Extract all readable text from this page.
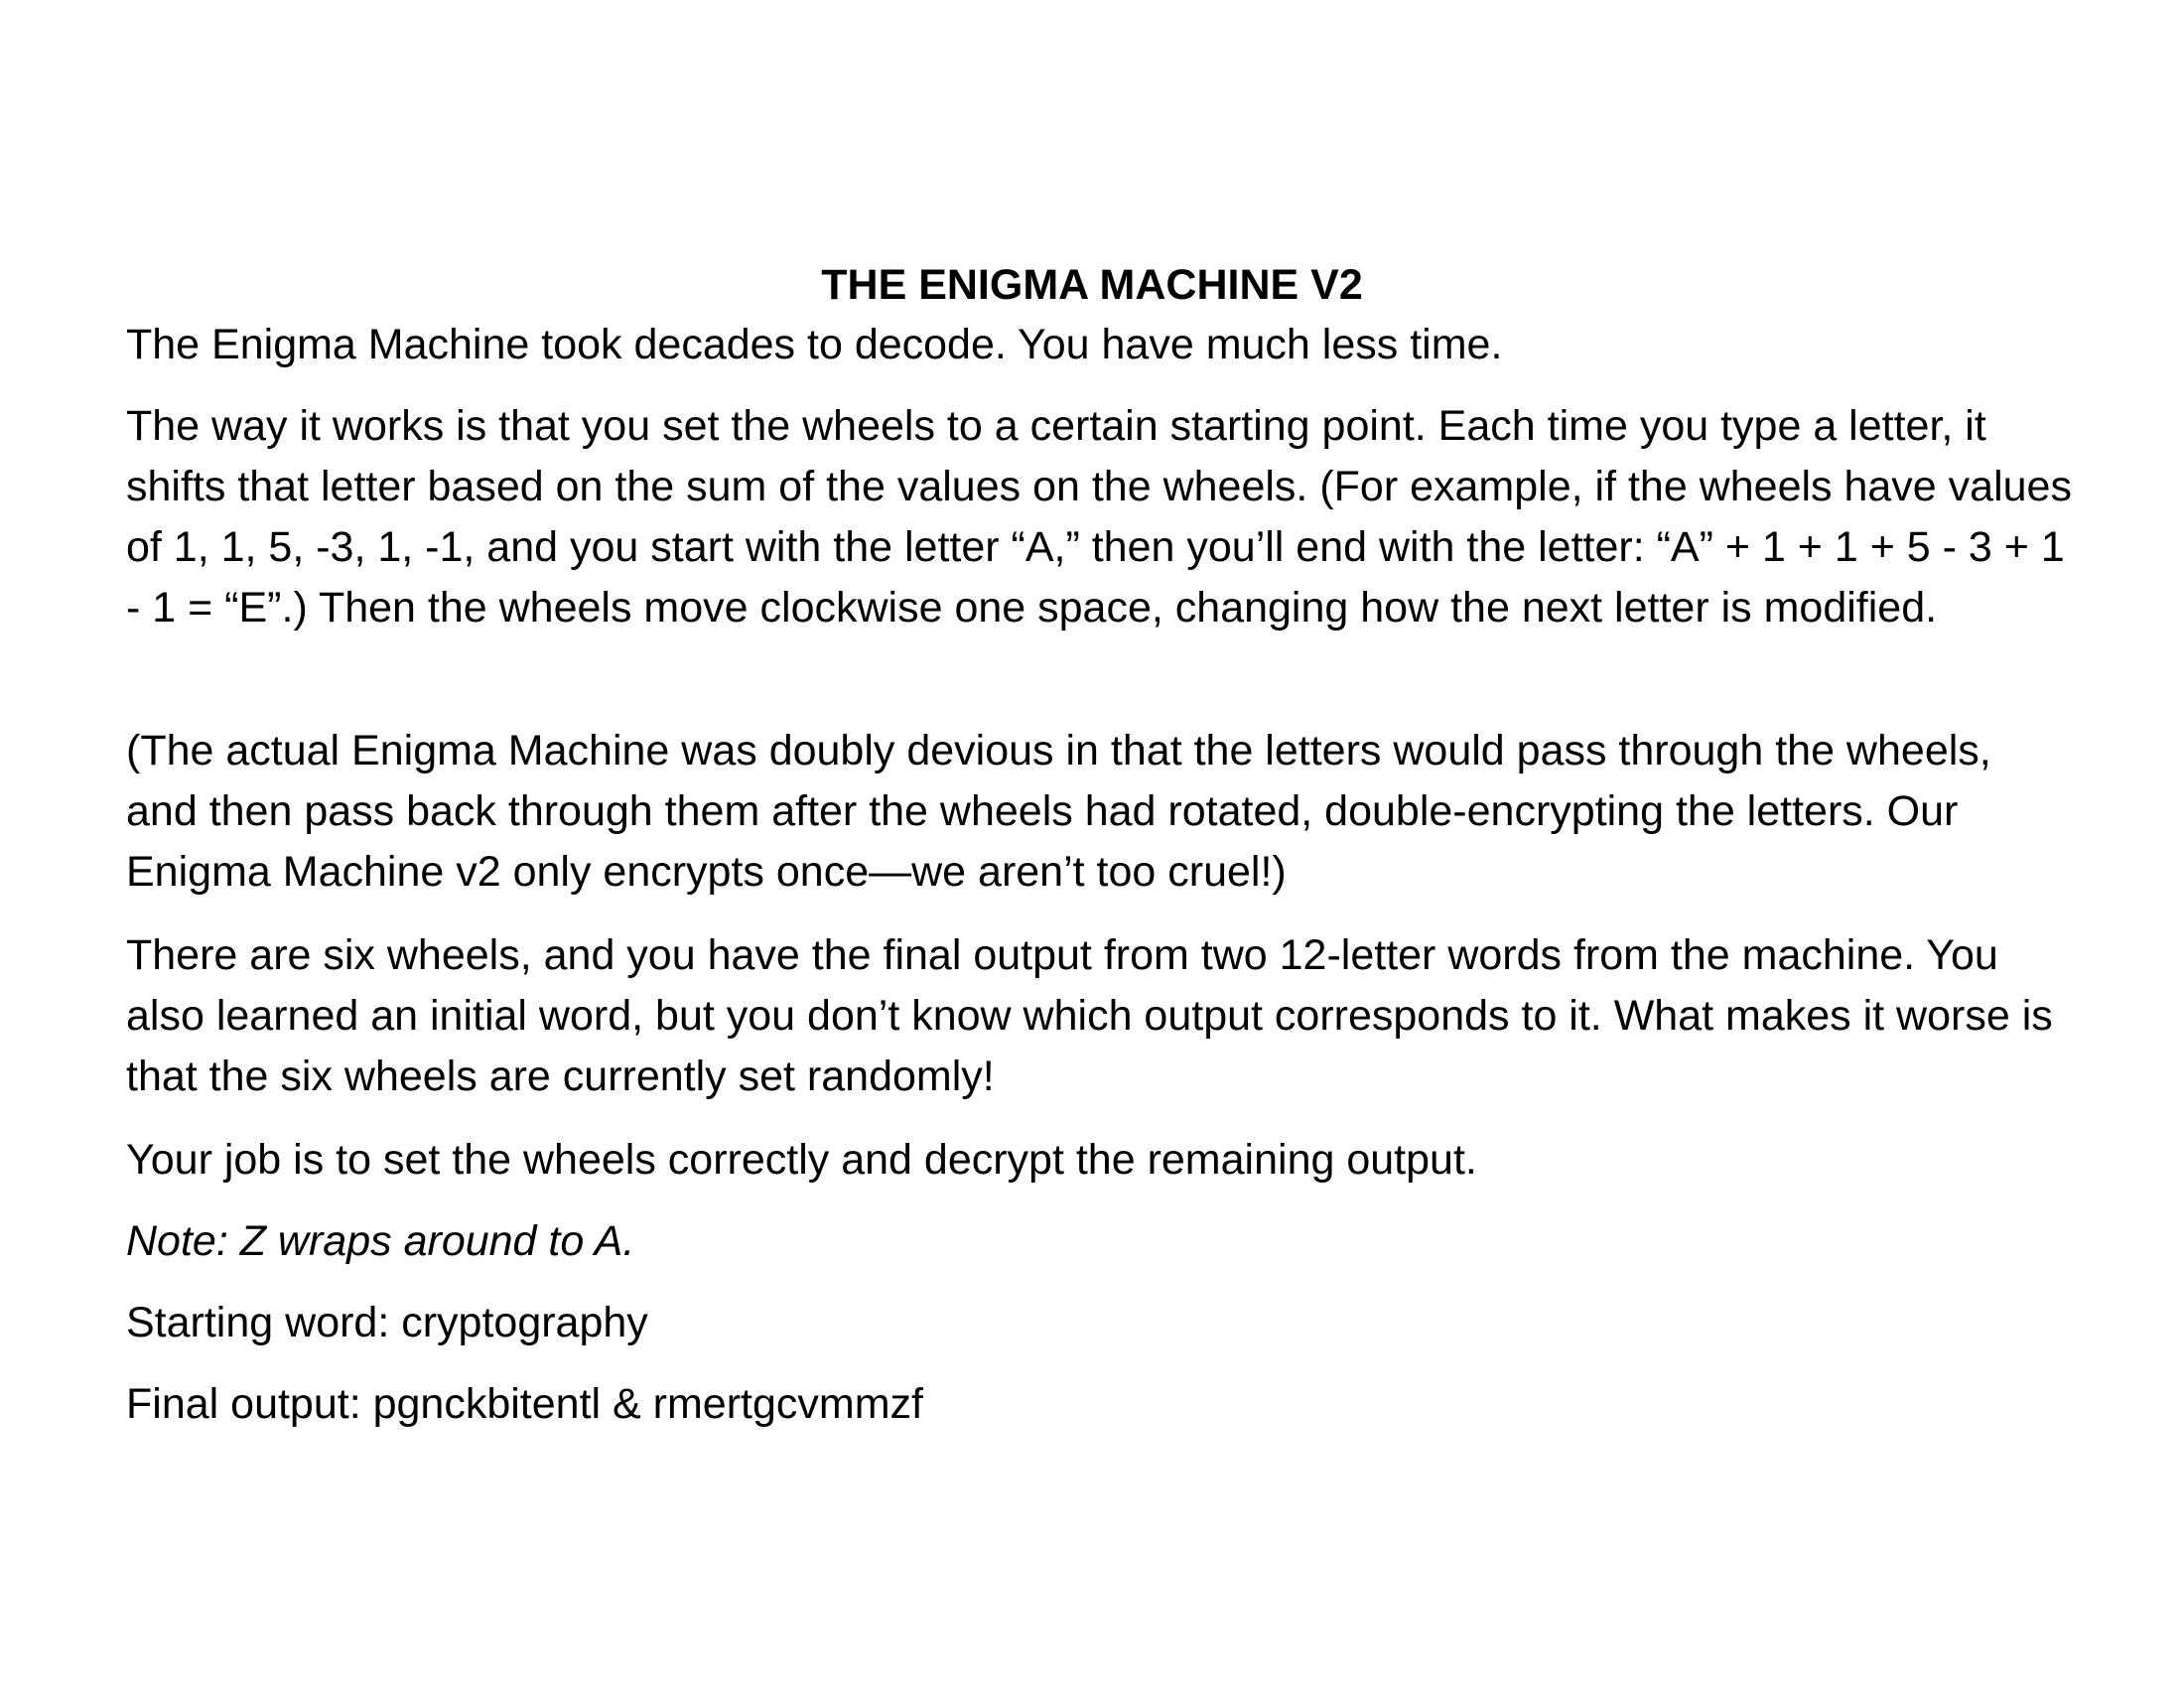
THE ENIGMA MACHINE V2

The Enigma Machine took decades to decode. You have much less time.

The way it works is that you set the wheels to a certain starting point. Each time you type a letter, it shifts that letter based on the sum of the values on the wheels. (For example, if the wheels have values of 1, 1, 5, -3, 1, -1, and you start with the letter “A,” then you’ll end with the letter: “A” + 1 + 1 + 5 - 3 + 1 - 1 = “E”.) Then the wheels move clockwise one space, changing how the next letter is modified.

(The actual Enigma Machine was doubly devious in that the letters would pass through the wheels, and then pass back through them after the wheels had rotated, double-encrypting the letters. Our Enigma Machine v2 only encrypts once—we aren’t too cruel!)

There are six wheels, and you have the final output from two 12-letter words from the machine. You also learned an initial word, but you don’t know which output corresponds to it. What makes it worse is that the six wheels are currently set randomly!

Your job is to set the wheels correctly and decrypt the remaining output.

Note: Z wraps around to A.

Starting word: cryptography

Final output: pgnckbitentl & rmertgcvmmzf
